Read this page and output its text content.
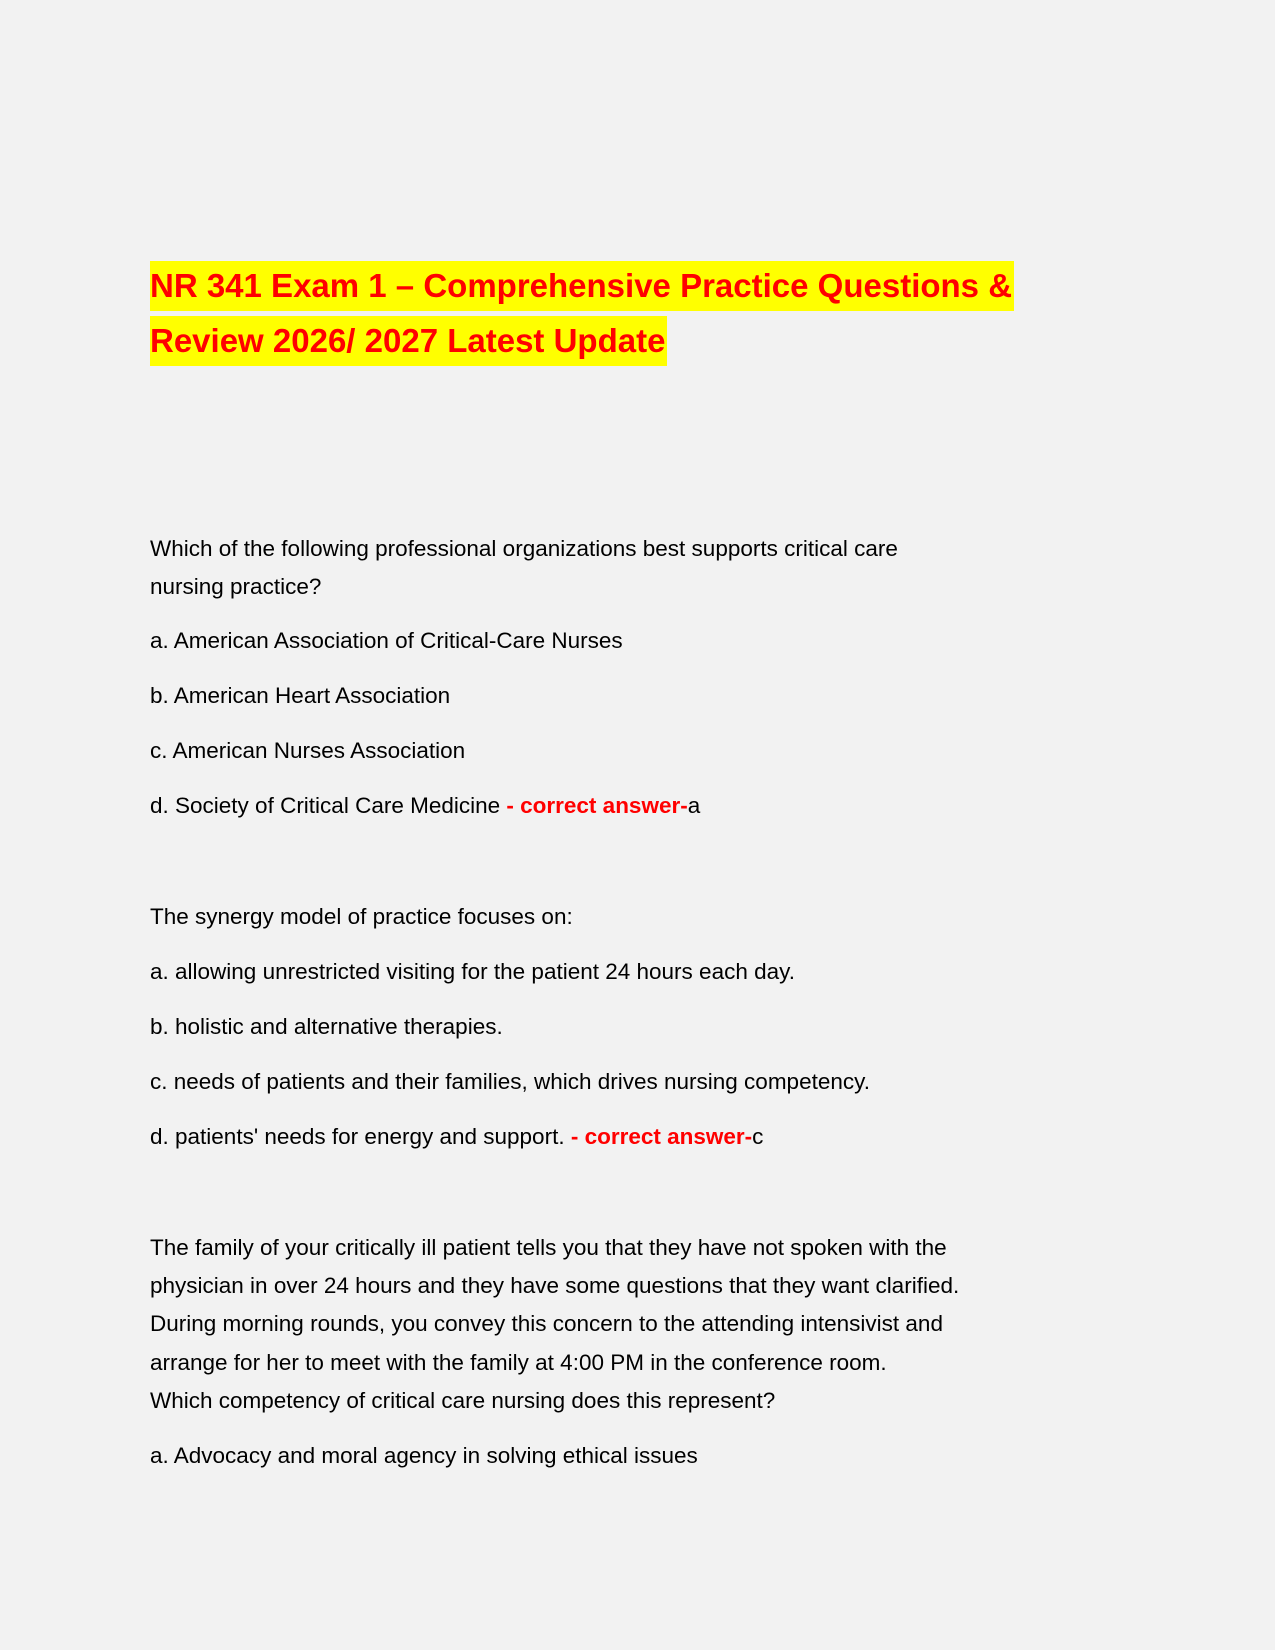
NR 341 Exam 1 – Comprehensive Practice Questions &
Review 2026/ 2027 Latest Update
Which of the following professional organizations best supports critical care
nursing practice?
a. American Association of Critical-Care Nurses
b. American Heart Association
c. American Nurses Association
d. Society of Critical Care Medicine - correct answer-a
The synergy model of practice focuses on:
a. allowing unrestricted visiting for the patient 24 hours each day.
b. holistic and alternative therapies.
c. needs of patients and their families, which drives nursing competency.
d. patients' needs for energy and support. - correct answer-c
The family of your critically ill patient tells you that they have not spoken with the
physician in over 24 hours and they have some questions that they want clarified.
During morning rounds, you convey this concern to the attending intensivist and
arrange for her to meet with the family at 4:00 PM in the conference room.
Which competency of critical care nursing does this represent?
a. Advocacy and moral agency in solving ethical issues
